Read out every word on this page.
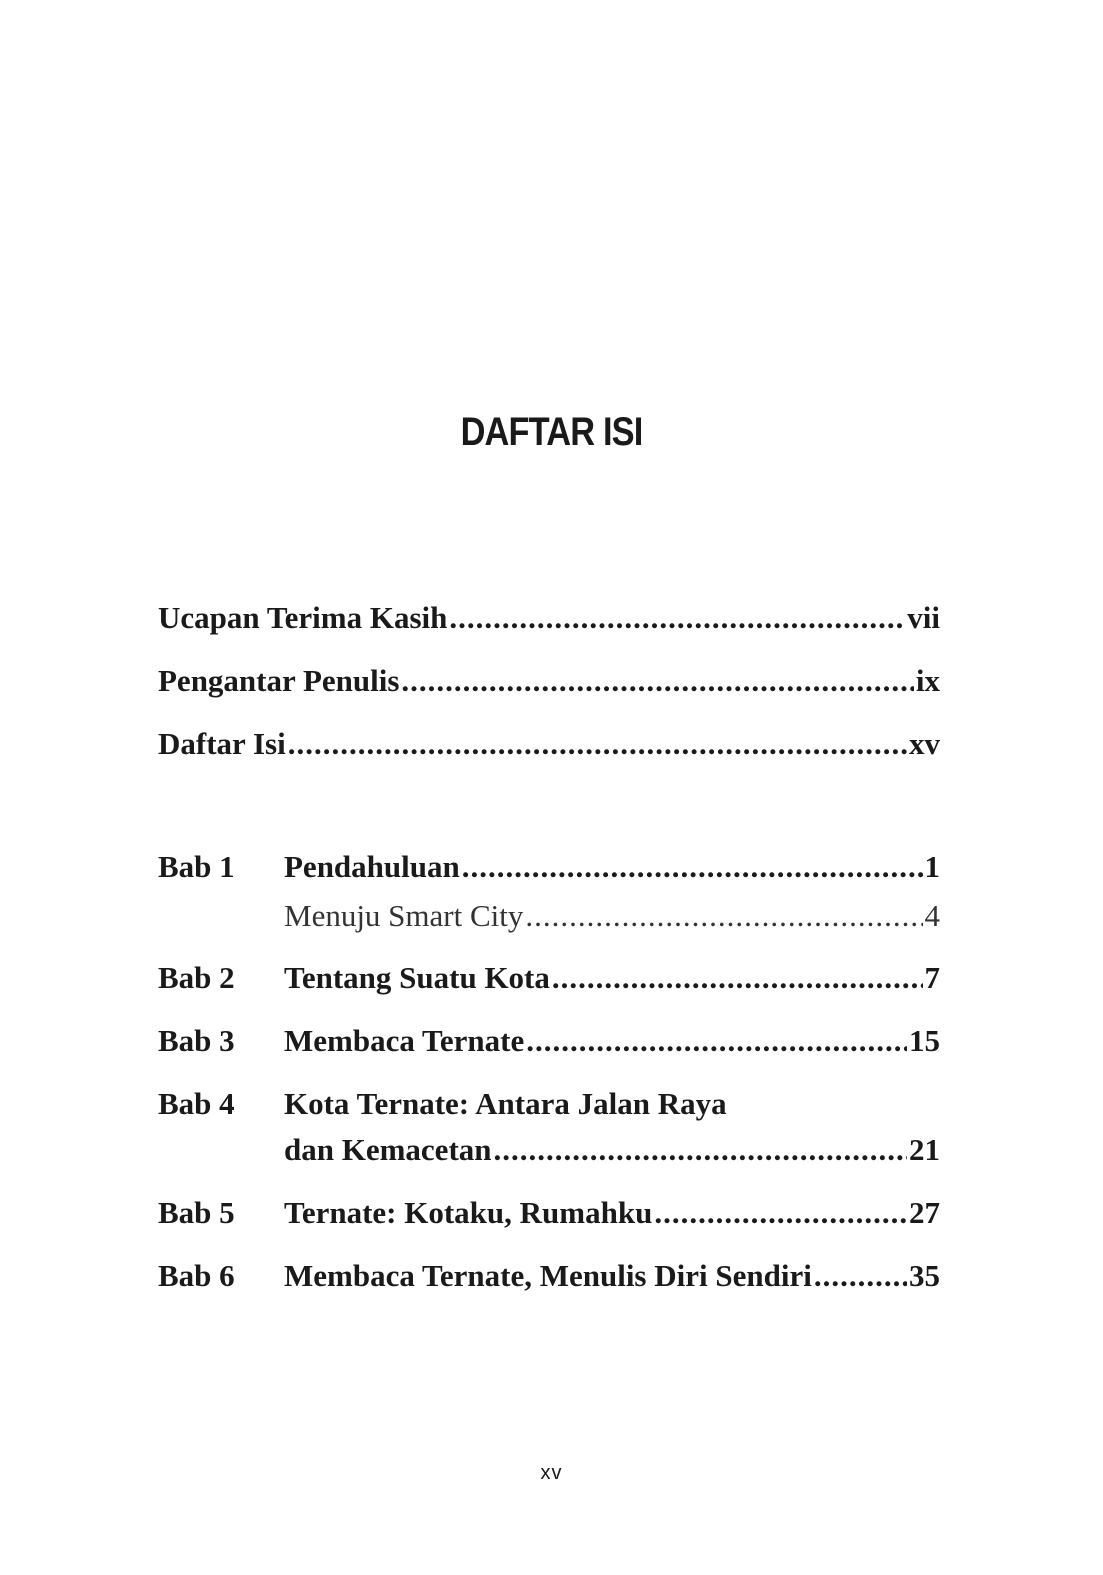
DAFTAR ISI
Ucapan Terima Kasih .....	vii
Pengantar Penulis .....	ix
Daftar Isi .....	xv
Bab 1 Pendahuluan .....	1
Menuju Smart City .....	4
Bab 2 Tentang Suatu Kota .....	7
Bab 3 Membaca Ternate .....	15
Bab 4 Kota Ternate: Antara Jalan Raya
dan Kemacetan .....	21
Bab 5 Ternate: Kotaku, Rumahku .....	27
Bab 6 Membaca Ternate, Menulis Diri Sendiri .....	35
xv
